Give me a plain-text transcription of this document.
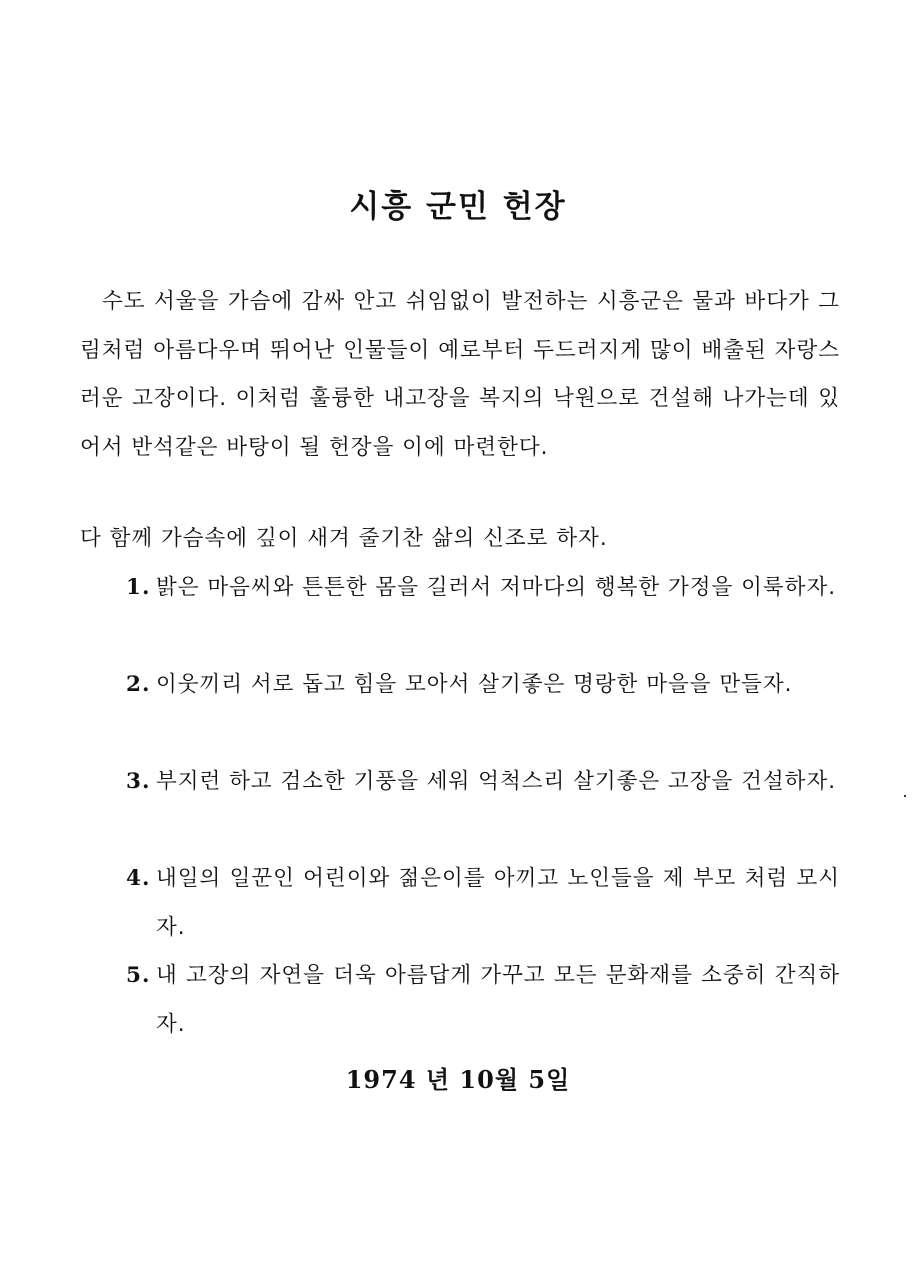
시흥 군민 헌장

수도 서울을 가슴에 감싸 안고 쉬임없이 발전하는 시흥군은 물과 바다가 그림처럼 아름다우며 뛰어난 인물들이 예로부터 두드러지게 많이 배출된 자랑스러운 고장이다. 이처럼 훌륭한 내고장을 복지의 낙원으로 건설해 나가는데 있어서 반석같은 바탕이 될 헌장을 이에 마련한다.

다 함께 가슴속에 깊이 새겨 줄기찬 삶의 신조로 하자.

1. 밝은 마음씨와 튼튼한 몸을 길러서 저마다의 행복한 가정을 이룩하자.
2. 이웃끼리 서로 돕고 힘을 모아서 살기좋은 명랑한 마을을 만들자.
3. 부지런 하고 검소한 기풍을 세워 억척스리 살기좋은 고장을 건설하자.
4. 내일의 일꾼인 어린이와 젊은이를 아끼고 노인들을 제 부모 처럼 모시자.
5. 내 고장의 자연을 더욱 아름답게 가꾸고 모든 문화재를 소중히 간직하자.
1974 년 10월 5일
